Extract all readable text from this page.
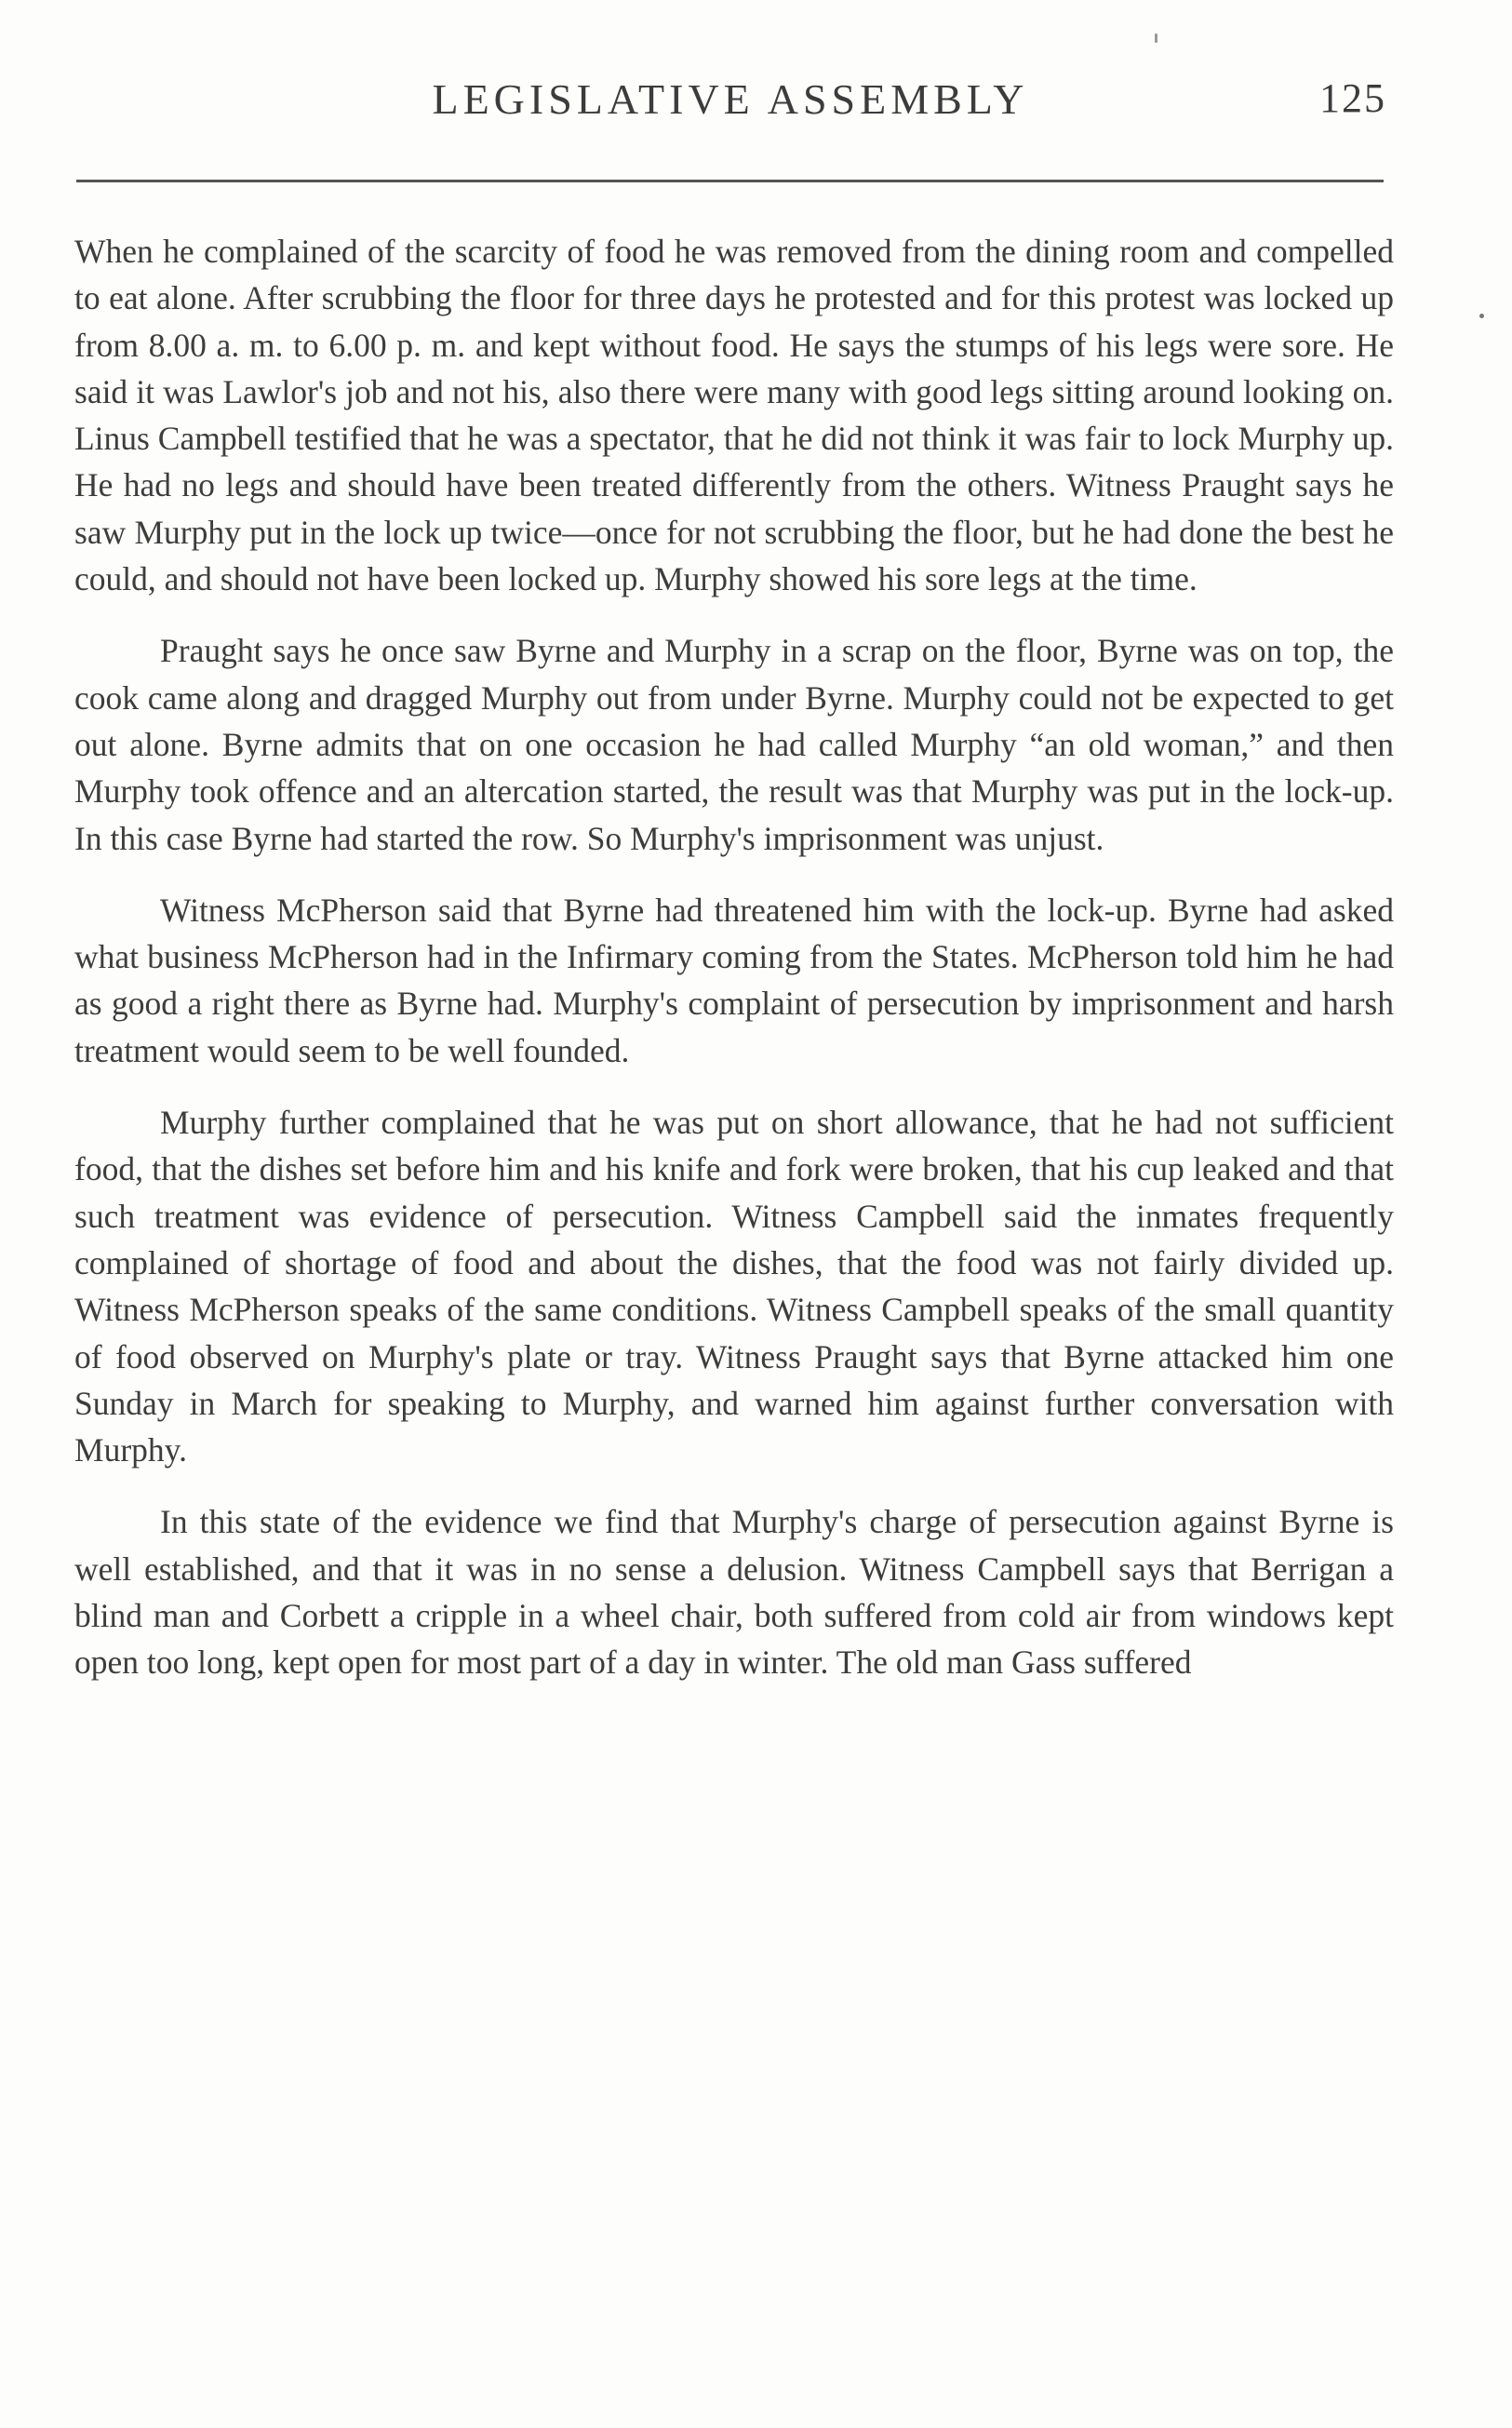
LEGISLATIVE ASSEMBLY	125

When he complained of the scarcity of food he was removed from the dining room and compelled to eat alone. After scrubbing the floor for three days he protested and for this protest was locked up from 8.00 a. m. to 6.00 p. m. and kept without food. He says the stumps of his legs were sore. He said it was Lawlor's job and not his, also there were many with good legs sitting around looking on. Linus Campbell testified that he was a spectator, that he did not think it was fair to lock Murphy up. He had no legs and should have been treated differently from the others. Witness Praught says he saw Murphy put in the lock up twice—once for not scrubbing the floor, but he had done the best he could, and should not have been locked up. Murphy showed his sore legs at the time.

Praught says he once saw Byrne and Murphy in a scrap on the floor, Byrne was on top, the cook came along and dragged Murphy out from under Byrne. Murphy could not be expected to get out alone. Byrne admits that on one occasion he had called Murphy “an old woman,” and then Murphy took offence and an altercation started, the result was that Murphy was put in the lock-up. In this case Byrne had started the row. So Murphy's imprisonment was unjust.

Witness McPherson said that Byrne had threatened him with the lock-up. Byrne had asked what business McPherson had in the Infirmary coming from the States. McPherson told him he had as good a right there as Byrne had. Murphy's complaint of persecution by imprisonment and harsh treatment would seem to be well founded.

Murphy further complained that he was put on short allowance, that he had not sufficient food, that the dishes set before him and his knife and fork were broken, that his cup leaked and that such treatment was evidence of persecution. Witness Campbell said the inmates frequently complained of shortage of food and about the dishes, that the food was not fairly divided up. Witness McPherson speaks of the same conditions. Witness Campbell speaks of the small quantity of food observed on Murphy's plate or tray. Witness Praught says that Byrne attacked him one Sunday in March for speaking to Murphy, and warned him against further conversation with Murphy.

In this state of the evidence we find that Murphy's charge of persecution against Byrne is well established, and that it was in no sense a delusion. Witness Campbell says that Berrigan a blind man and Corbett a cripple in a wheel chair, both suffered from cold air from windows kept open too long, kept open for most part of a day in winter. The old man Gass suffered
